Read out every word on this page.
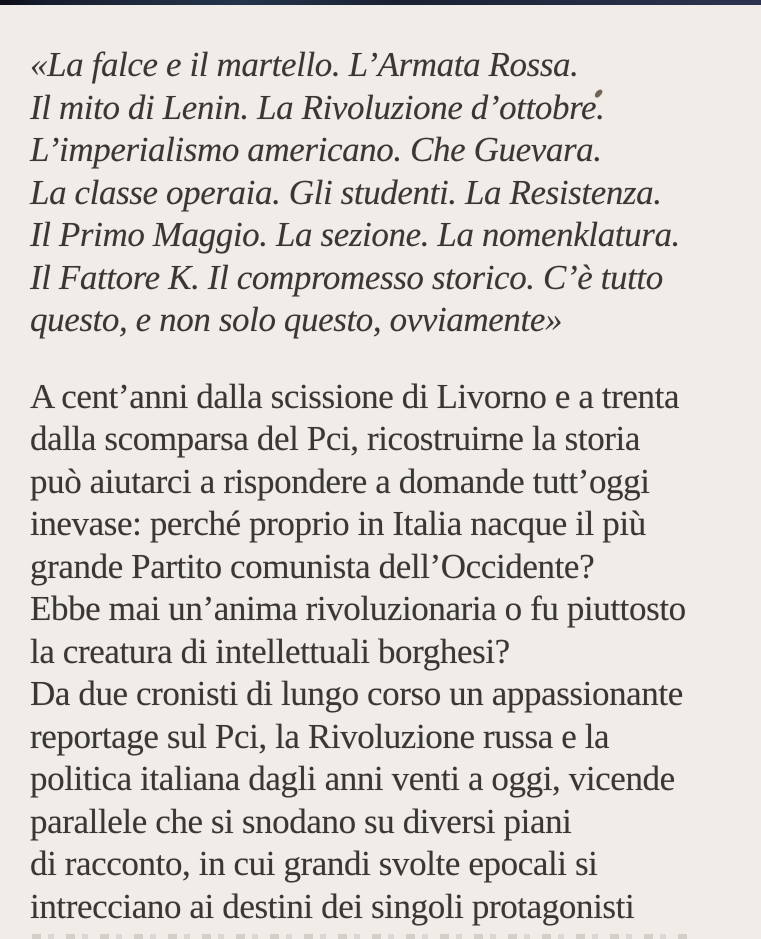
«La falce e il martello. L’Armata Rossa.
Il mito di Lenin. La Rivoluzione d’ottobre.
L’imperialismo americano. Che Guevara.
La classe operaia. Gli studenti. La Resistenza.
Il Primo Maggio. La sezione. La nomenklatura.
Il Fattore K. Il compromesso storico. C’è tutto
questo, e non solo questo, ovviamente»
A cent’anni dalla scissione di Livorno e a trenta
dalla scomparsa del Pci, ricostruirne la storia
può aiutarci a rispondere a domande tutt’oggi
inevase: perché proprio in Italia nacque il più
grande Partito comunista dell’Occidente?
Ebbe mai un’anima rivoluzionaria o fu piuttosto
la creatura di intellettuali borghesi?
Da due cronisti di lungo corso un appassionante
reportage sul Pci, la Rivoluzione russa e la
politica italiana dagli anni venti a oggi, vicende
parallele che si snodano su diversi piani
di racconto, in cui grandi svolte epocali si
intrecciano ai destini dei singoli protagonisti
